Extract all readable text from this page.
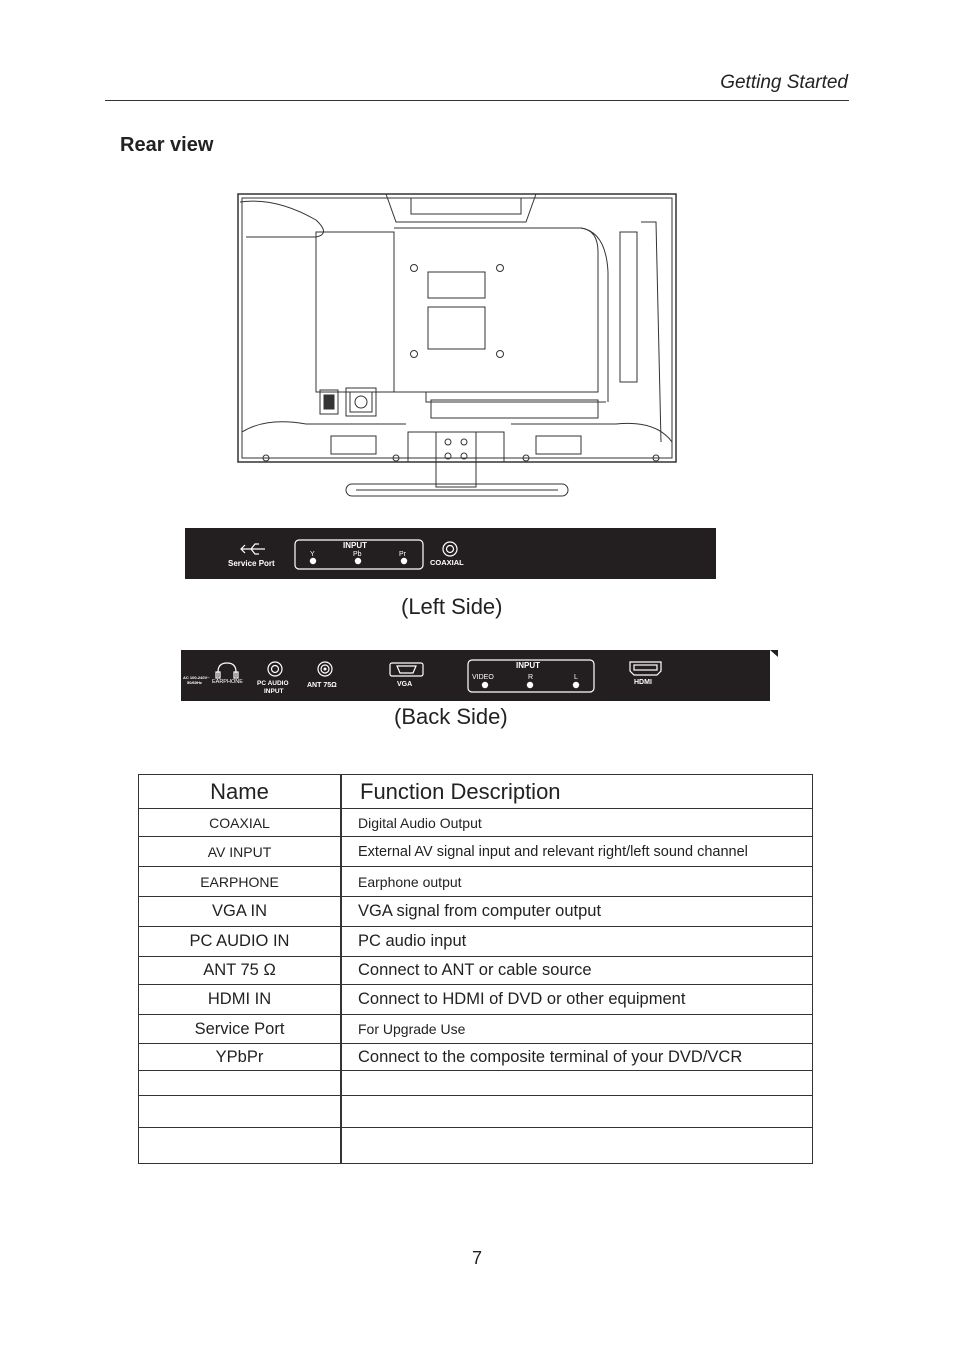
Getting Started
Rear view
Service Port
INPUT
Y	Pb	Pr
COAXIAL
AC 100-240V~
50/60Hz EARPHONE PC AUDIO
INPUT
ANT 75Ω	VGA
INPUT
VIDEO	R	L
HDMI
(Left Side)
(Back Side)
Name	Function Description
COAXIAL	Digital Audio Output
AV INPUT	External AV signal input and relevant right/left sound channel
EARPHONE	Earphone output
VGA IN	VGA signal from computer output
PC AUDIO IN	PC audio input
ANT 75 Ω	Connect to ANT or cable source
HDMI IN	Connect to HDMI of DVD or other equipment
Service Port	For Upgrade Use
YPbPr	Connect to the composite terminal of your DVD/VCR

7
